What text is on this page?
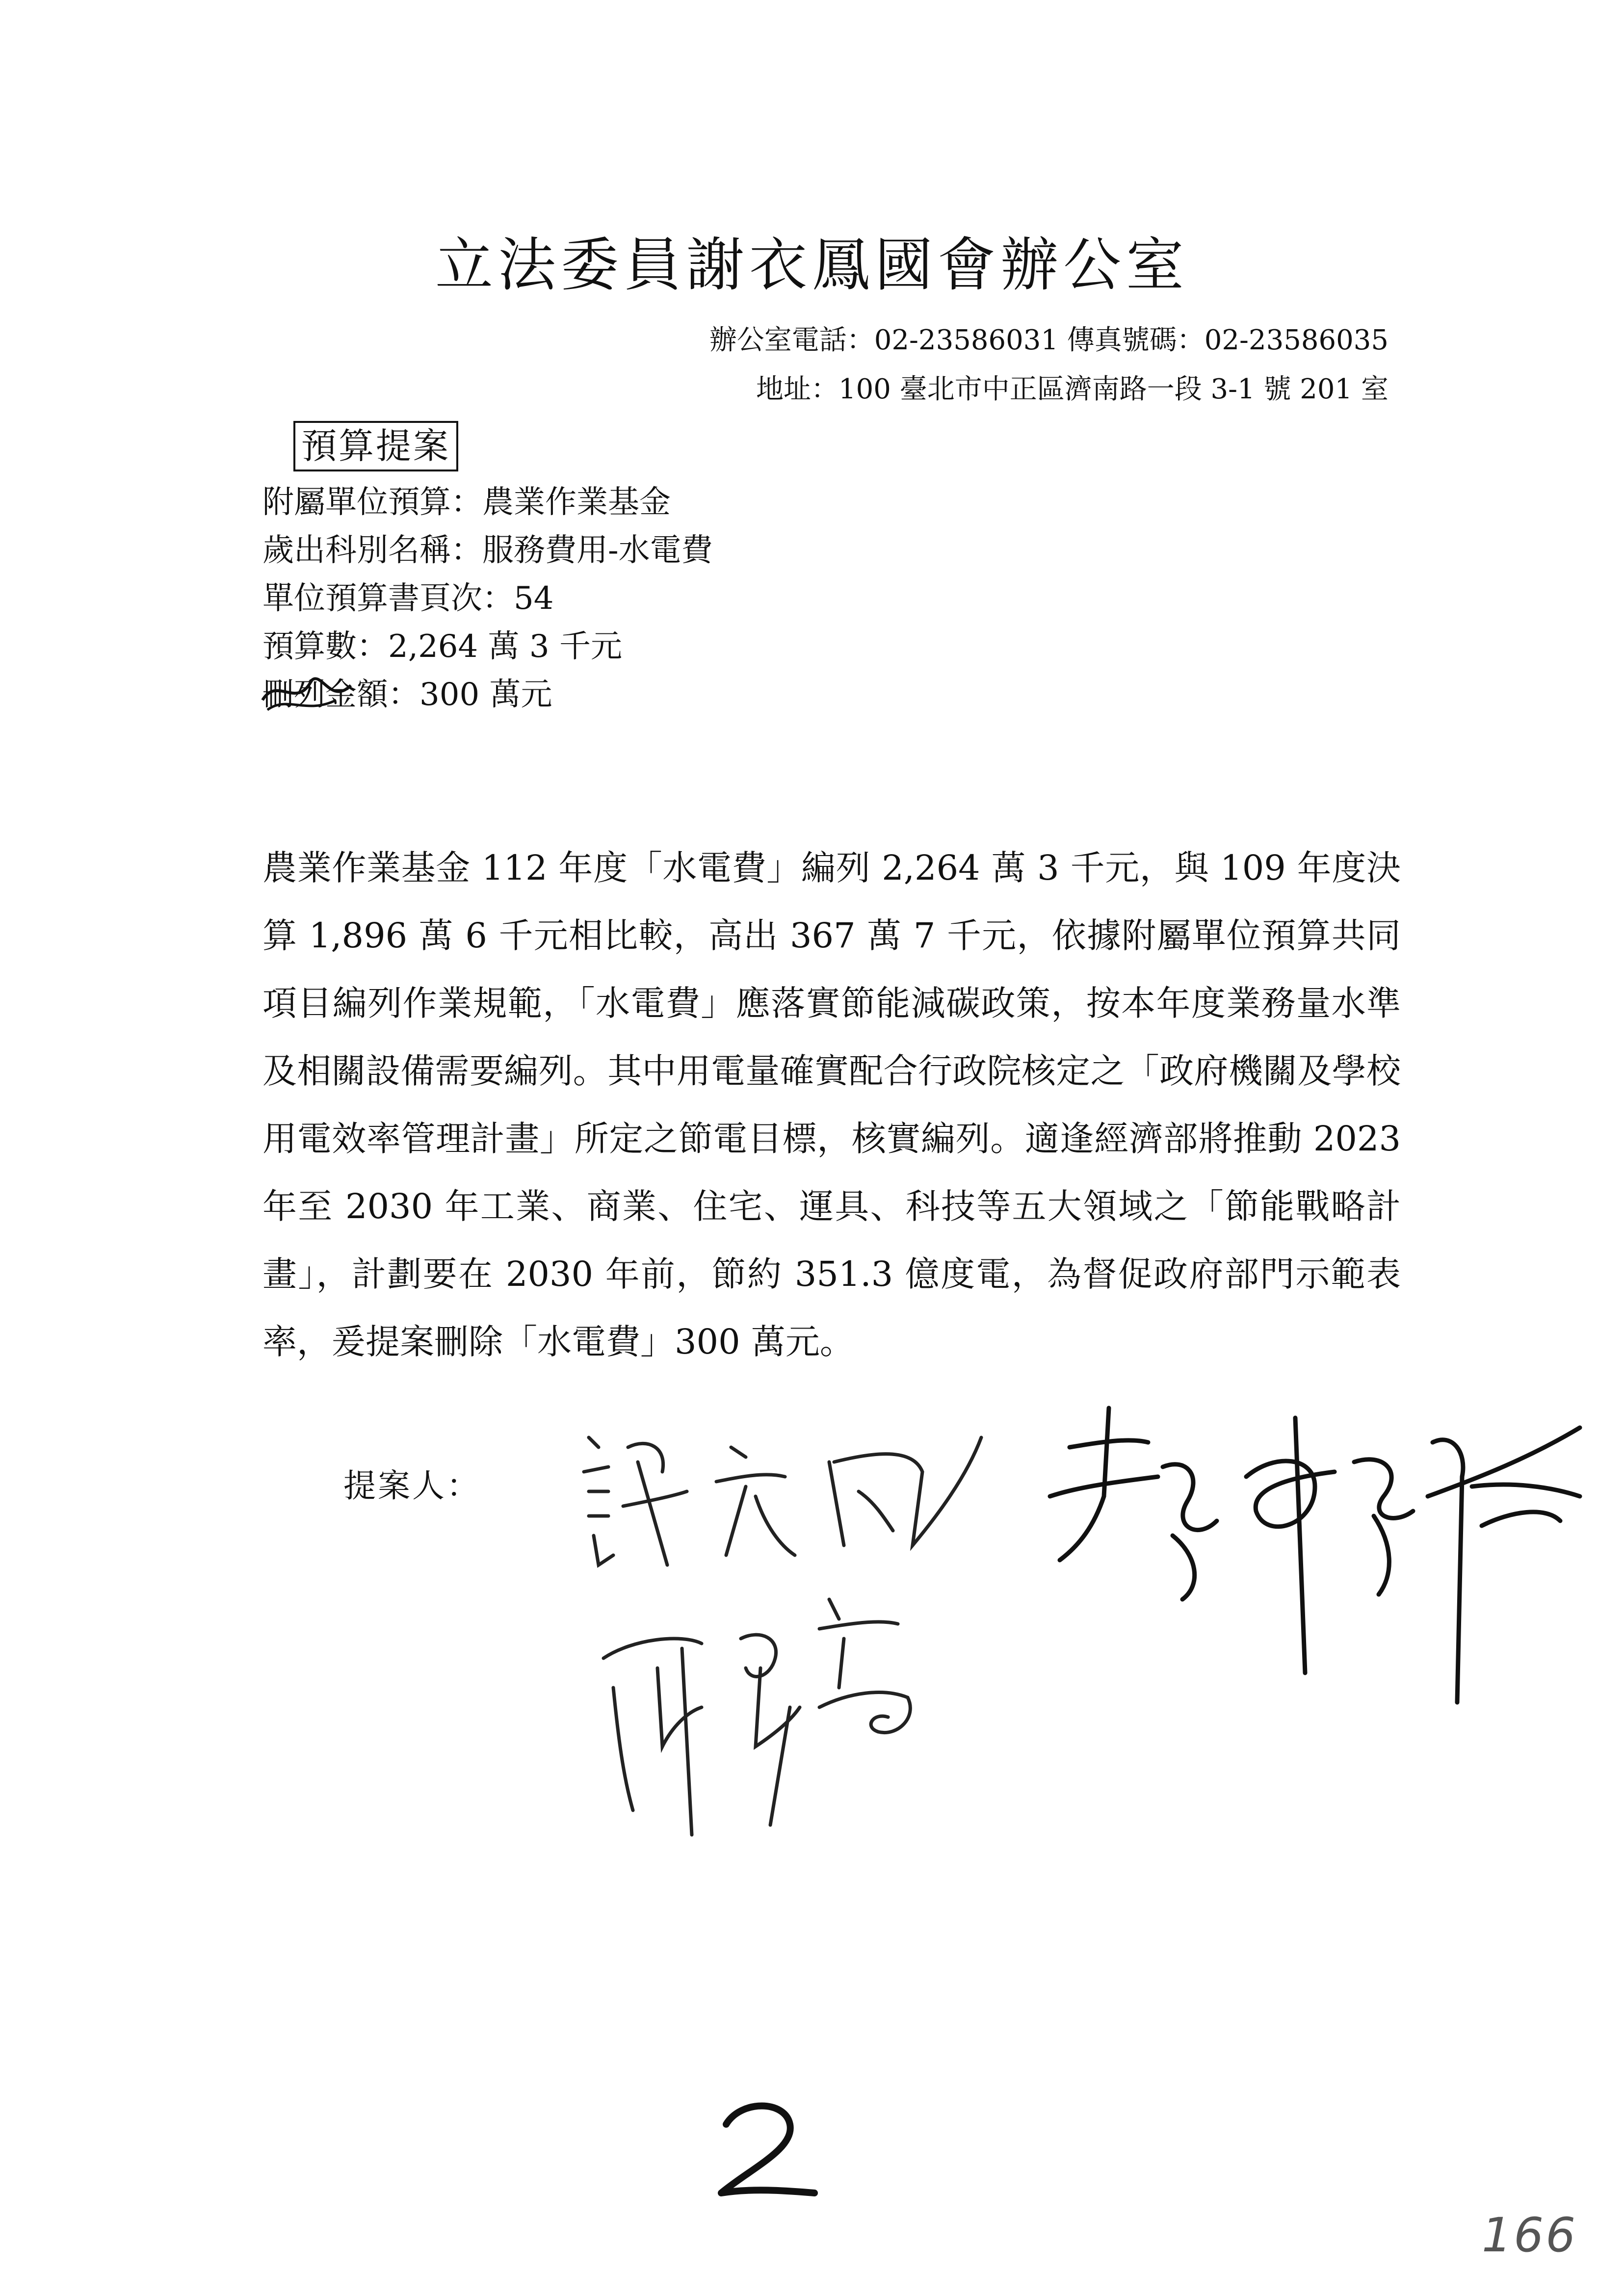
立法委員謝衣鳳國會辦公室
辦公室電話：02-23586031 傳真號碼：02-23586035
地址：100 臺北市中正區濟南路一段 3-1 號 201 室
預算提案
附屬單位預算：農業作業基金
歲出科別名稱：服務費用-水電費
單位預算書頁次：54
預算數：2,264 萬 3 千元
刪列金額
：300 萬元

農業作業基金 112 年度「水電費」編列 2,264 萬 3 千元，與 109 年度決算 1,896 萬 6 千元相比較，高出 367 萬 7 千元，依據附屬單位預算共同項目編列作業規範，「水電費」應落實節能減碳政策，按本年度業務量水準及相關設備需要編列。其中用電量確實配合行政院核定之「政府機關及學校用電效率管理計畫」所定之節電目標，核實編列。適逢經濟部將推動 2023 年至 2030 年工業、商業、住宅、運具、科技等五大領域之「節能戰略計畫」，計劃要在 2030 年前，節約 351.3 億度電，為督促政府部門示範表率，爰提案刪除「水電費」300 萬元。

提案人：
2
166
